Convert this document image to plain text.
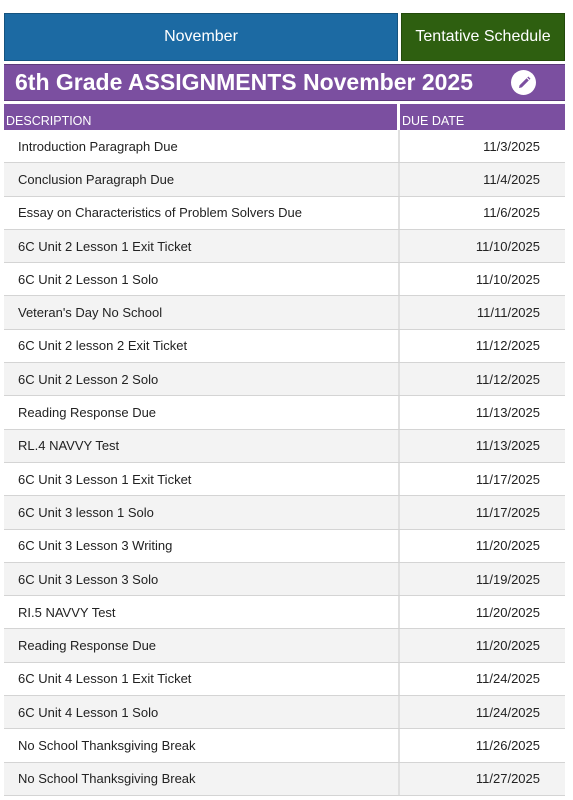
November	Tentative Schedule
6th Grade ASSIGNMENTS November 2025
DESCRIPTION	DUE DATE
Introduction Paragraph Due	11/3/2025
Conclusion Paragraph Due	11/4/2025
Essay on Characteristics of Problem Solvers Due	11/6/2025
6C Unit 2 Lesson 1 Exit Ticket	11/10/2025
6C Unit 2 Lesson 1 Solo	11/10/2025
Veteran's Day No School	11/11/2025
6C Unit 2 lesson 2 Exit Ticket	11/12/2025
6C Unit 2 Lesson 2 Solo	11/12/2025
Reading Response Due	11/13/2025
RL.4 NAVVY Test	11/13/2025
6C Unit 3 Lesson 1 Exit Ticket	11/17/2025
6C Unit 3 lesson 1 Solo	11/17/2025
6C Unit 3 Lesson 3 Writing	11/20/2025
6C Unit 3 Lesson 3 Solo	11/19/2025
RI.5 NAVVY Test	11/20/2025
Reading Response Due	11/20/2025
6C Unit 4 Lesson 1 Exit Ticket	11/24/2025
6C Unit 4 Lesson 1 Solo	11/24/2025
No School Thanksgiving Break	11/26/2025
No School Thanksgiving Break	11/27/2025
